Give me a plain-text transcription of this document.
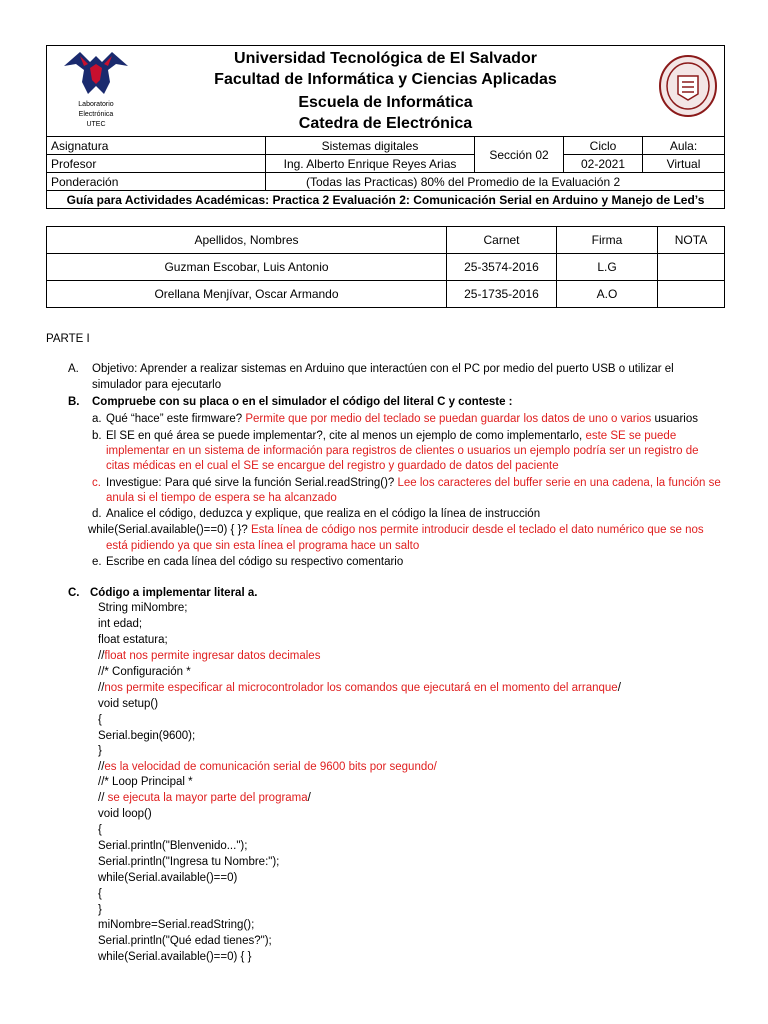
Asignatura	Sistemas digitales	Sección 02	Ciclo	Aula:
Profesor	Ing. Alberto Enrique Reyes Arias		02-2021	Virtual
Ponderación	(Todas las Practicas) 80% del Promedio de la Evaluación 2			
Guía para Actividades Académicas: Practica 2 Evaluación 2: Comunicación Serial en Arduino y Manejo de Led’s				
Universidad Tecnológica de El Salvador
Facultad de Informática y Ciencias Aplicadas
Escuela de Informática
Catedra de Electrónica
Laboratorio
Electrónica
UTEC
Apellidos, Nombres	Carnet	Firma	NOTA
Guzman Escobar, Luis Antonio	25-3574-2016	L.G	
Orellana Menjívar, Oscar Armando	25-1735-2016	A.O	
PARTE I
A. Objetivo: Aprender a realizar sistemas en Arduino que interactúen con el PC por medio del puerto USB o utilizar el
simulador para ejecutarlo
B. Compruebe con su placa o en el simulador el código del literal C y conteste :
a. Qué “hace” este firmware? Permite que por medio del teclado se puedan guardar los datos de uno o varios usuarios
b. El SE en qué área se puede implementar?, cite al menos un ejemplo de como implementarlo, este SE se puede
implementar en un sistema de información para registros de clientes o usuarios un ejemplo podría ser un registro de
citas médicas en el cual el SE se encargue del registro y guardado de datos del paciente
c. Investigue: Para qué sirve la función Serial.readString()? Lee los caracteres del buffer serie en una cadena, la función se
anula si el tiempo de espera se ha alcanzado
d. Analice el código, deduzca y explique, que realiza en el código la línea de instrucción
while(Serial.available()==0) { }? Esta línea de código nos permite introducir desde el teclado el dato numérico que se nos
está pidiendo ya que sin esta línea el programa hace un salto
e. Escribe en cada línea del código su respectivo comentario
C. Código a implementar literal a.
String miNombre;
int edad;
float estatura;
//float nos permite ingresar datos decimales
//* Configuración *
//nos permite especificar al microcontrolador los comandos que ejecutará en el momento del arranque/
void setup()
{
Serial.begin(9600);
}
//es la velocidad de comunicación serial de 9600 bits por segundo/
//* Loop Principal *
// se ejecuta la mayor parte del programa/
void loop()
{
Serial.println("Blenvenido...");
Serial.println("Ingresa tu Nombre:");
while(Serial.available()==0)
{
}
miNombre=Serial.readString();
Serial.println("Qué edad tienes?");
while(Serial.available()==0) { }
